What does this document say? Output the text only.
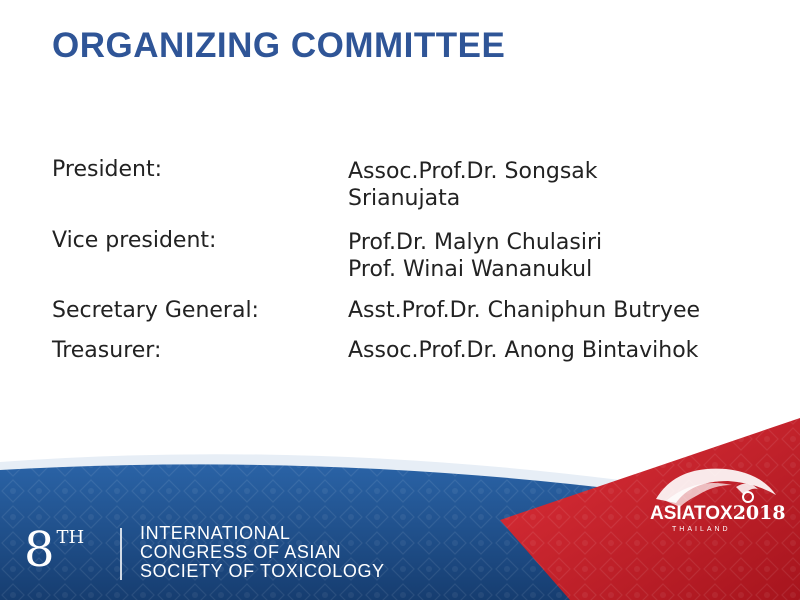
ORGANIZING COMMITTEE
President:	Assoc.Prof.Dr. Songsak
Srianujata
Vice president:	Prof.Dr. Malyn Chulasiri
Prof. Winai Wananukul
Secretary General:	Asst.Prof.Dr. Chaniphun Butryee
Treasurer:	Assoc.Prof.Dr. Anong Bintavihok
8 $^{TH}$	INTERNATIONAL
CONGRESS OF ASIAN
SOCIETY OF TOXICOLOGY
ASIATOX2018
THAILAND
